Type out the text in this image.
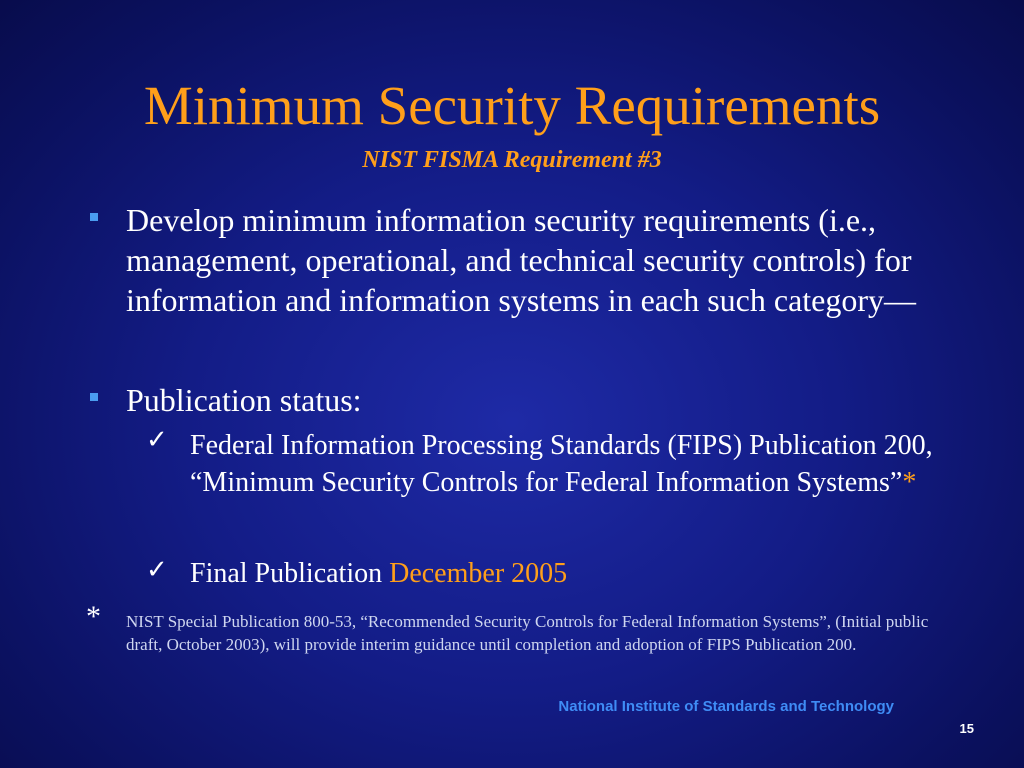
Minimum Security Requirements
NIST FISMA Requirement #3
Develop minimum information security requirements (i.e., management, operational, and technical security controls) for information and information systems in each such category—
Publication status:
✓ Federal Information Processing Standards (FIPS) Publication 200, “Minimum Security Controls for Federal Information Systems”*
✓ Final Publication December 2005
* NIST Special Publication 800-53, “Recommended Security Controls for Federal Information Systems”, (Initial public draft, October 2003), will provide interim guidance until completion and adoption of FIPS Publication 200.
National Institute of Standards and Technology
15
